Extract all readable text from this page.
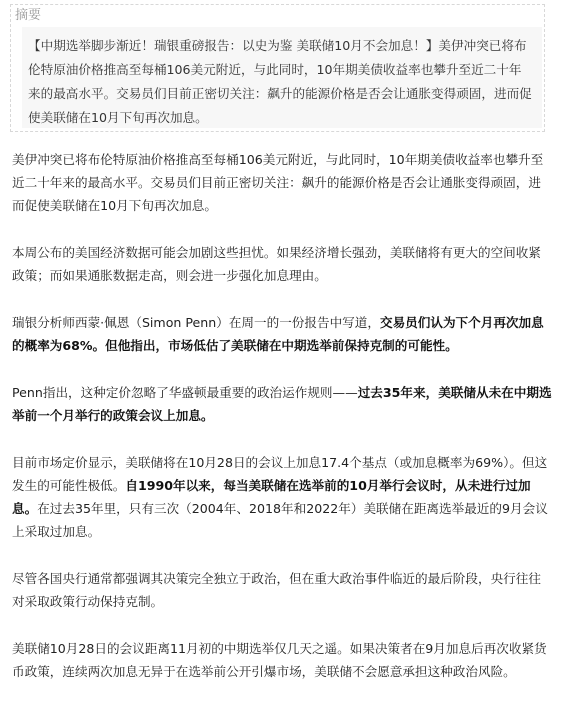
摘要
【中期选举脚步渐近！瑞银重磅报告：以史为鉴 美联储10月不会加息！】美伊冲突已将布伦特原油价格推高至每桶106美元附近，与此同时，10年期美债收益率也攀升至近二十年来的最高水平。交易员们目前正密切关注：飙升的能源价格是否会让通胀变得顽固，进而促使美联储在10月下旬再次加息。

美伊冲突已将布伦特原油价格推高至每桶106美元附近，与此同时，10年期美债收益率也攀升至近二十年来的最高水平。交易员们目前正密切关注：飙升的能源价格是否会让通胀变得顽固，进而促使美联储在10月下旬再次加息。

本周公布的美国经济数据可能会加剧这些担忧。如果经济增长强劲，美联储将有更大的空间收紧政策；而如果通胀数据走高，则会进一步强化加息理由。

瑞银分析师西蒙·佩恩（Simon Penn）在周一的一份报告中写道，交易员们认为下个月再次加息的概率为68%。但他指出，市场低估了美联储在中期选举前保持克制的可能性。

Penn指出，这种定价忽略了华盛顿最重要的政治运作规则——过去35年来，美联储从未在中期选举前一个月举行的政策会议上加息。

目前市场定价显示，美联储将在10月28日的会议上加息17.4个基点（或加息概率为69%）。但这发生的可能性极低。自1990年以来，每当美联储在选举前的10月举行会议时，从未进行过加息。在过去35年里，只有三次（2004年、2018年和2022年）美联储在距离选举最近的9月会议上采取过加息。

尽管各国央行通常都强调其决策完全独立于政治，但在重大政治事件临近的最后阶段，央行往往对采取政策行动保持克制。

美联储10月28日的会议距离11月初的中期选举仅几天之遥。如果决策者在9月加息后再次收紧货币政策，连续两次加息无异于在选举前公开引爆市场，美联储不会愿意承担这种政治风险。
